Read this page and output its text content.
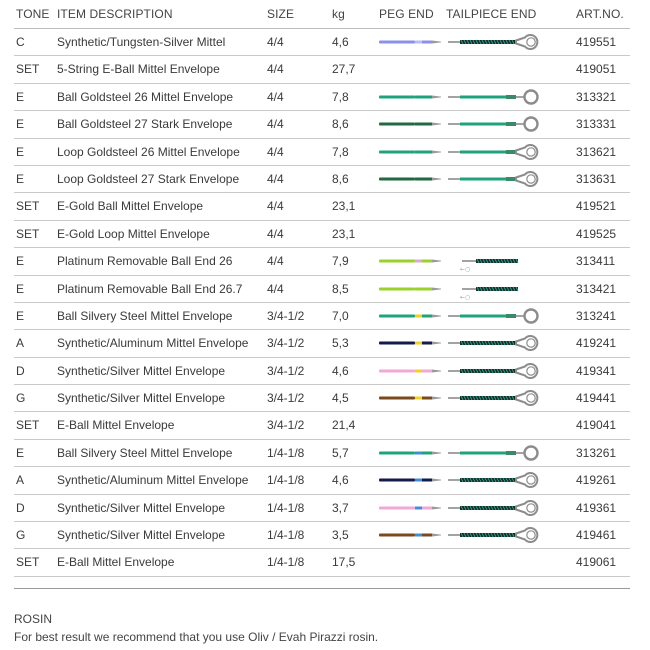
TONE ITEM DESCRIPTION	SIZE	kg	PEG END TAILPIECE END	ART.NO.
C	Synthetic/Tungsten-Silver Mittel	4/4	4,6	419551
SET 5-String E-Ball Mittel Envelope	4/4	27,7	419051
E	Ball Goldsteel 26 Mittel Envelope	4/4	7,8	313321
E	Ball Goldsteel 27 Stark Envelope	4/4	8,6	313331
E	Loop Goldsteel 26 Mittel Envelope 4/4	7,8	313621
E	Loop Goldsteel 27 Stark Envelope 4/4	8,6	313631
SET E-Gold Ball Mittel Envelope	4/4	23,1	419521
SET E-Gold Loop Mittel Envelope	4/4	23,1	419525
E	Platinum Removable Ball End 26	4/4	7,9	313411
←○
E	Platinum Removable Ball End 26.7 4/4	8,5	313421
←○
E	Ball Silvery Steel Mittel Envelope	3/4-1/2 7,0	313241
A	Synthetic/Aluminum Mittel Envelope 3/4-1/2 5,3	419241
D	Synthetic/Silver Mittel Envelope	3/4-1/2 4,6	419341
G	Synthetic/Silver Mittel Envelope	3/4-1/2 4,5	419441
SET E-Ball Mittel Envelope	3/4-1/2 21,4	419041
E	Ball Silvery Steel Mittel Envelope	1/4-1/8 5,7	313261
A	Synthetic/Aluminum Mittel Envelope 1/4-1/8 4,6	419261
D	Synthetic/Silver Mittel Envelope	1/4-1/8 3,7	419361
G	Synthetic/Silver Mittel Envelope	1/4-1/8 3,5	419461
SET E-Ball Mittel Envelope	1/4-1/8 17,5	419061
ROSIN
For best result we recommend that you use Oliv / Evah Pirazzi rosin.
